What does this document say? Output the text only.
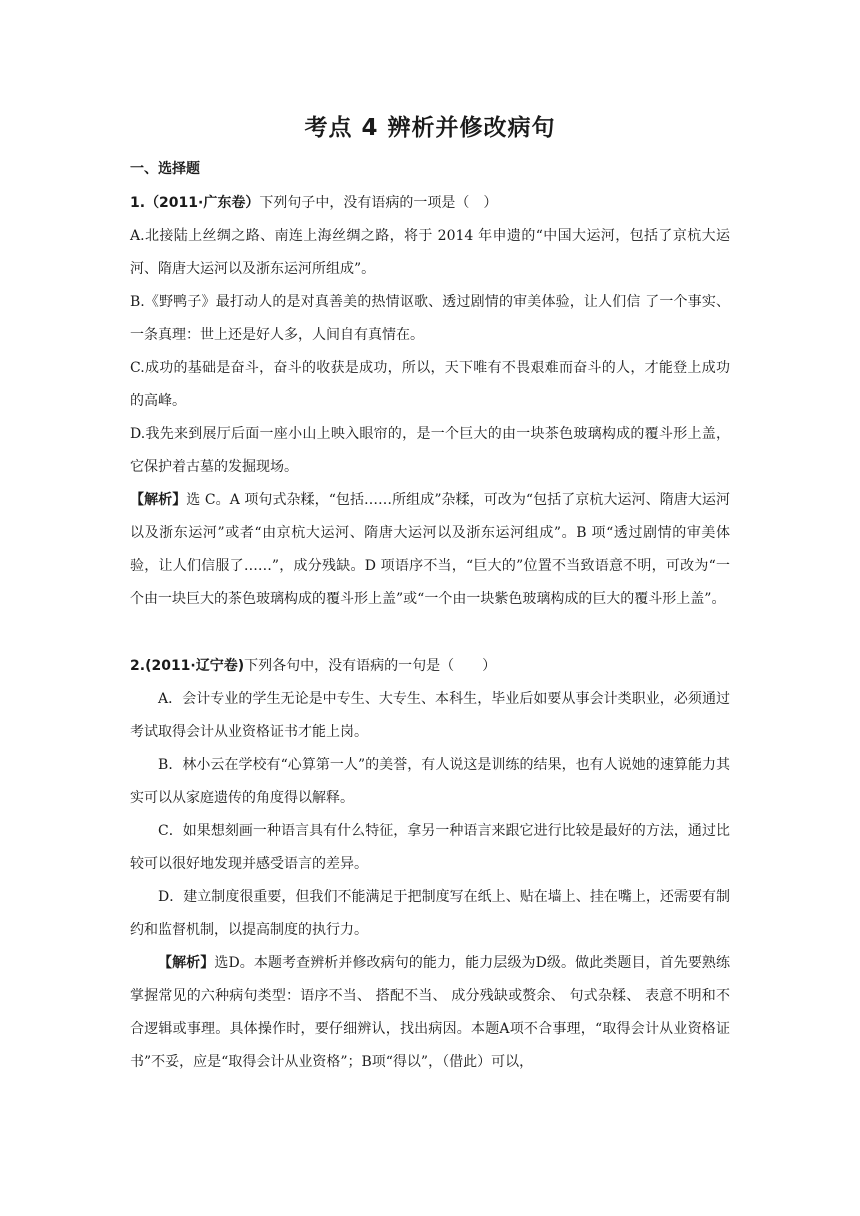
考点 4 辨析并修改病句
一、选择题

1.（2011·广东卷）下列句子中，没有语病的一项是（　）

A.北接陆上丝绸之路、南连上海丝绸之路，将于 2014 年申遗的“中国大运河，包括了京杭大运河、隋唐大运河以及浙东运河所组成”。

B.《野鸭子》最打动人的是对真善美的热情讴歌、透过剧情的审美体验，让人们信 了一个事实、一条真理：世上还是好人多，人间自有真情在。

C.成功的基础是奋斗，奋斗的收获是成功，所以，天下唯有不畏艰难而奋斗的人，才能登上成功的高峰。

D.我先来到展厅后面一座小山上映入眼帘的，是一个巨大的由一块茶色玻璃构成的覆斗形上盖，它保护着古墓的发掘现场。

【解析】选 C。A 项句式杂糅，“包括……所组成”杂糅，可改为“包括了京杭大运河、隋唐大运河以及浙东运河”或者“由京杭大运河、隋唐大运河以及浙东运河组成”。B 项“透过剧情的审美体验，让人们信服了……”，成分残缺。D 项语序不当，“巨大的”位置不当致语意不明，可改为“一个由一块巨大的茶色玻璃构成的覆斗形上盖”或“一个由一块紫色玻璃构成的巨大的覆斗形上盖”。

2.(2011·辽宁卷)下列各句中，没有语病的一句是（　　）

A．会计专业的学生无论是中专生、大专生、本科生，毕业后如要从事会计类职业，必须通过考试取得会计从业资格证书才能上岗。

B．林小云在学校有“心算第一人”的美誉，有人说这是训练的结果，也有人说她的速算能力其实可以从家庭遗传的角度得以解释。

C．如果想刻画一种语言具有什么特征，拿另一种语言来跟它进行比较是最好的方法，通过比较可以很好地发现并感受语言的差异。

D．建立制度很重要，但我们不能满足于把制度写在纸上、贴在墙上、挂在嘴上，还需要有制约和监督机制，以提高制度的执行力。

【解析】选D。本题考查辨析并修改病句的能力，能力层级为D级。做此类题目，首先要熟练掌握常见的六种病句类型：语序不当、 搭配不当、 成分残缺或赘余、 句式杂糅、 表意不明和不合逻辑或事理。具体操作时，要仔细辨认，找出病因。本题A项不合事理，“取得会计从业资格证书”不妥，应是“取得会计从业资格”；B项“得以”，（借此）可以，
